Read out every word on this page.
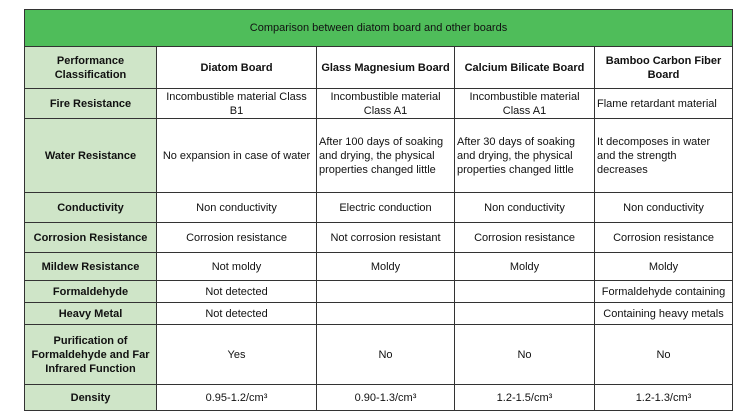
Comparison between diatom board and other boards				
Performance Classification	Diatom Board	Glass Magnesium Board	Calcium Bilicate Board	Bamboo Carbon Fiber Board
Fire Resistance	Incombustible material Class B1	Incombustible material Class A1	Incombustible material Class A1	Flame retardant material
Water Resistance	No expansion in case of water	After 100 days of soaking and drying, the physical properties changed little	After 30 days of soaking and drying, the physical properties changed little	It decomposes in water and the strength decreases
Conductivity	Non conductivity	Electric conduction	Non conductivity	Non conductivity
Corrosion Resistance	Corrosion resistance	Not corrosion resistant	Corrosion resistance	Corrosion resistance
Mildew Resistance	Not moldy	Moldy	Moldy	Moldy
Formaldehyde	Not detected			Formaldehyde containing
Heavy Metal	Not detected			Containing heavy metals
Purification of Formaldehyde and Far Infrared Function	Yes	No	No	No
Density	0.95-1.2/cm³	0.90-1.3/cm³	1.2-1.5/cm³	1.2-1.3/cm³
